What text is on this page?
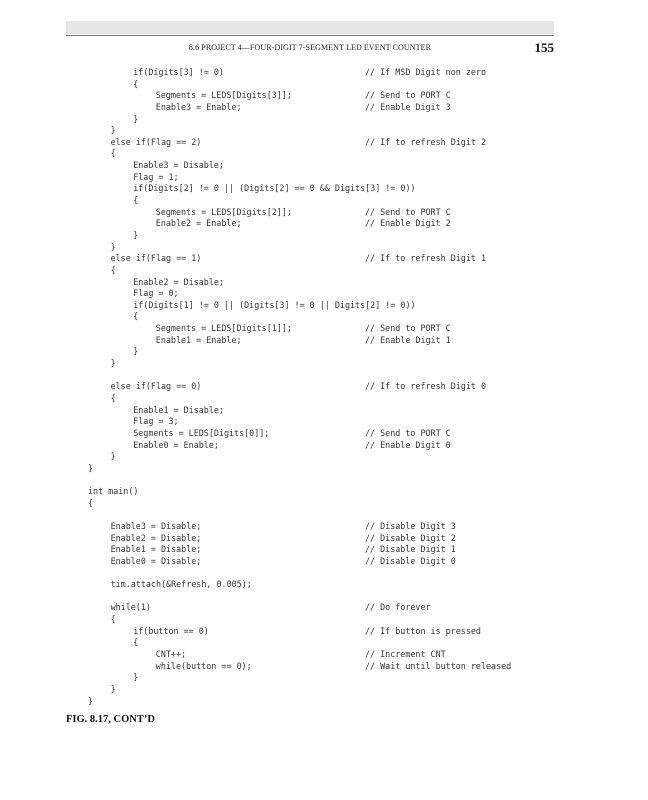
8.6 PROJECT 4—FOUR-DIGIT 7-SEGMENT LED EVENT COUNTER	155
if(Digits[3] != 0)	// If MSD Digit non zero
{
Segments = LEDS[Digits[3]];	// Send to PORT C
Enable3 = Enable;	// Enable Digit 3
}
}
else if(Flag == 2)	// If to refresh Digit 2
{
Enable3 = Disable;
Flag = 1;
if(Digits[2] != 0 || (Digits[2] == 0 && Digits[3] != 0))
{
Segments = LEDS[Digits[2]];	// Send to PORT C
Enable2 = Enable;	// Enable Digit 2
}
}
else if(Flag == 1)	// If to refresh Digit 1
{
Enable2 = Disable;
Flag = 0;
if(Digits[1] != 0 || (Digits[3] != 0 || Digits[2] != 0))
{
Segments = LEDS[Digits[1]];	// Send to PORT C
Enable1 = Enable;	// Enable Digit 1
}
}
else if(Flag == 0)	// If to refresh Digit 0
{
Enable1 = Disable;
Flag = 3;
Segments = LEDS[Digits[0]];	// Send to PORT C
Enable0 = Enable;	// Enable Digit 0
}
}
int main()
{
Enable3 = Disable;	// Disable Digit 3
Enable2 = Disable;	// Disable Digit 2
Enable1 = Disable;	// Disable Digit 1
Enable0 = Disable;	// Disable Digit 0
tim.attach(&Refresh, 0.005);
while(1)	// Do forever
{
if(button == 0)	// If button is pressed
{
CNT++;	// Increment CNT
while(button == 0);	// Wait until button released
}
}
}
FIG. 8.17, CONT’D
